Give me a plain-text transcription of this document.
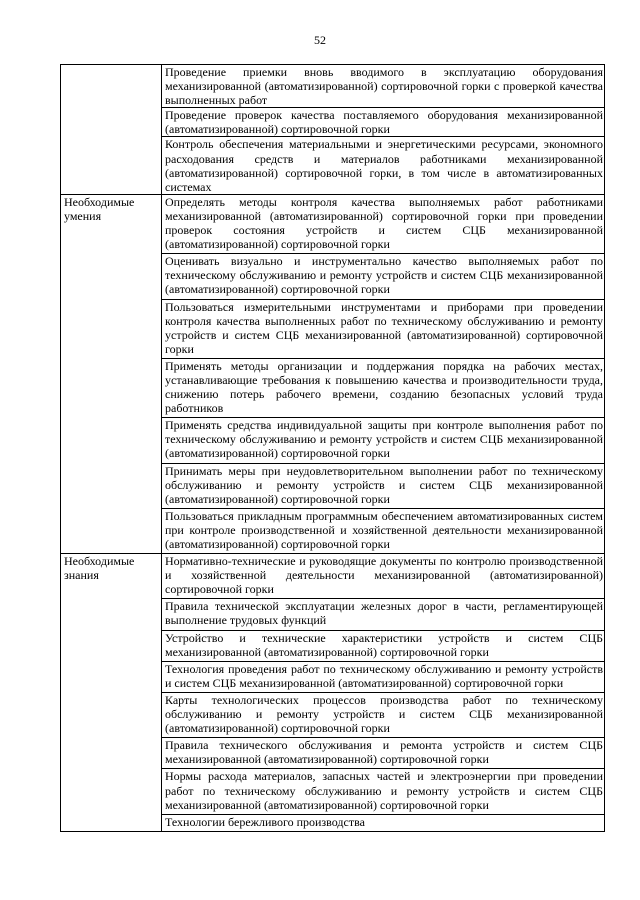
52
	Проведение приемки вновь вводимого в эксплуатацию оборудования механизированной (автоматизированной) сортировочной горки с проверкой качества выполненных работ
	Проведение проверок качества поставляемого оборудования механизированной (автоматизированной) сортировочной горки
	Контроль обеспечения материальными и энергетическими ресурсами, экономного расходования средств и материалов работниками механизированной (автоматизированной) сортировочной горки, в том числе в автоматизированных системах
Необходимые умения	Определять методы контроля качества выполняемых работ работниками механизированной (автоматизированной) сортировочной горки при проведении проверок состояния устройств и систем СЦБ механизированной (автоматизированной) сортировочной горки
	Оценивать визуально и инструментально качество выполняемых работ по техническому обслуживанию и ремонту устройств и систем СЦБ механизированной (автоматизированной) сортировочной горки
	Пользоваться измерительными инструментами и приборами при проведении контроля качества выполненных работ по техническому обслуживанию и ремонту устройств и систем СЦБ механизированной (автоматизированной) сортировочной горки
	Применять методы организации и поддержания порядка на рабочих местах, устанавливающие требования к повышению качества и производительности труда, снижению потерь рабочего времени, созданию безопасных условий труда работников
	Применять средства индивидуальной защиты при контроле выполнения работ по техническому обслуживанию и ремонту устройств и систем СЦБ механизированной (автоматизированной) сортировочной горки
	Принимать меры при неудовлетворительном выполнении работ по техническому обслуживанию и ремонту устройств и систем СЦБ механизированной (автоматизированной) сортировочной горки
	Пользоваться прикладным программным обеспечением автоматизированных систем при контроле производственной и хозяйственной деятельности механизированной (автоматизированной) сортировочной горки
Необходимые знания	Нормативно-технические и руководящие документы по контролю производственной и хозяйственной деятельности механизированной (автоматизированной) сортировочной горки
	Правила технической эксплуатации железных дорог в части, регламентирующей выполнение трудовых функций
	Устройство и технические характеристики устройств и систем СЦБ механизированной (автоматизированной) сортировочной горки
	Технология проведения работ по техническому обслуживанию и ремонту устройств и систем СЦБ механизированной (автоматизированной) сортировочной горки
	Карты технологических процессов производства работ по техническому обслуживанию и ремонту устройств и систем СЦБ механизированной (автоматизированной) сортировочной горки
	Правила технического обслуживания и ремонта устройств и систем СЦБ механизированной (автоматизированной) сортировочной горки
	Нормы расхода материалов, запасных частей и электроэнергии при проведении работ по техническому обслуживанию и ремонту устройств и систем СЦБ механизированной (автоматизированной) сортировочной горки
	Технологии бережливого производства
